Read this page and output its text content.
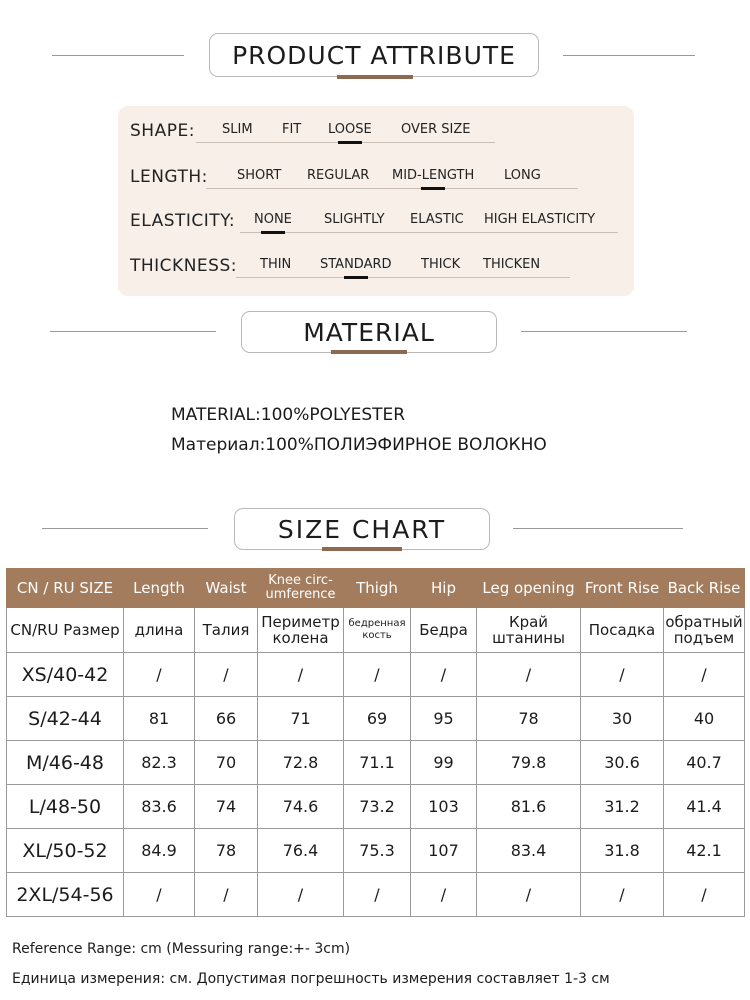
PRODUCT ATTRIBUTE
SHAPE: SLIM FIT LOOSE OVER SIZE
LENGTH: SHORT REGULAR MID-LENGTH LONG
ELASTICITY: NONE SLIGHTLY ELASTIC HIGH ELASTICITY
THICKNESS: THIN STANDARD THICK THICKEN
MATERIAL
MATERIAL:100%POLYESTER
Материал:100%ПОЛИЭФИРНОЕ ВОЛОКНО
SIZE CHART
CN / RU SIZE	Length	Waist	Knee circ-umference	Thigh	Hip	Leg opening	Front Rise	Back Rise
CN/RU Размер	длина	Талия	Периметр колена	бедренная кость	Бедра	Край штанины	Посадка	обратный подъем
XS/40-42	/	/	/	/	/	/	/	/
S/42-44	81	66	71	69	95	78	30	40
M/46-48	82.3	70	72.8	71.1	99	79.8	30.6	40.7
L/48-50	83.6	74	74.6	73.2	103	81.6	31.2	41.4
XL/50-52	84.9	78	76.4	75.3	107	83.4	31.8	42.1
2XL/54-56	/	/	/	/	/	/	/	/
Reference Range: cm (Messuring range:+- 3cm)
Единица измерения: см. Допустимая погрешность измерения составляет 1-3 см
